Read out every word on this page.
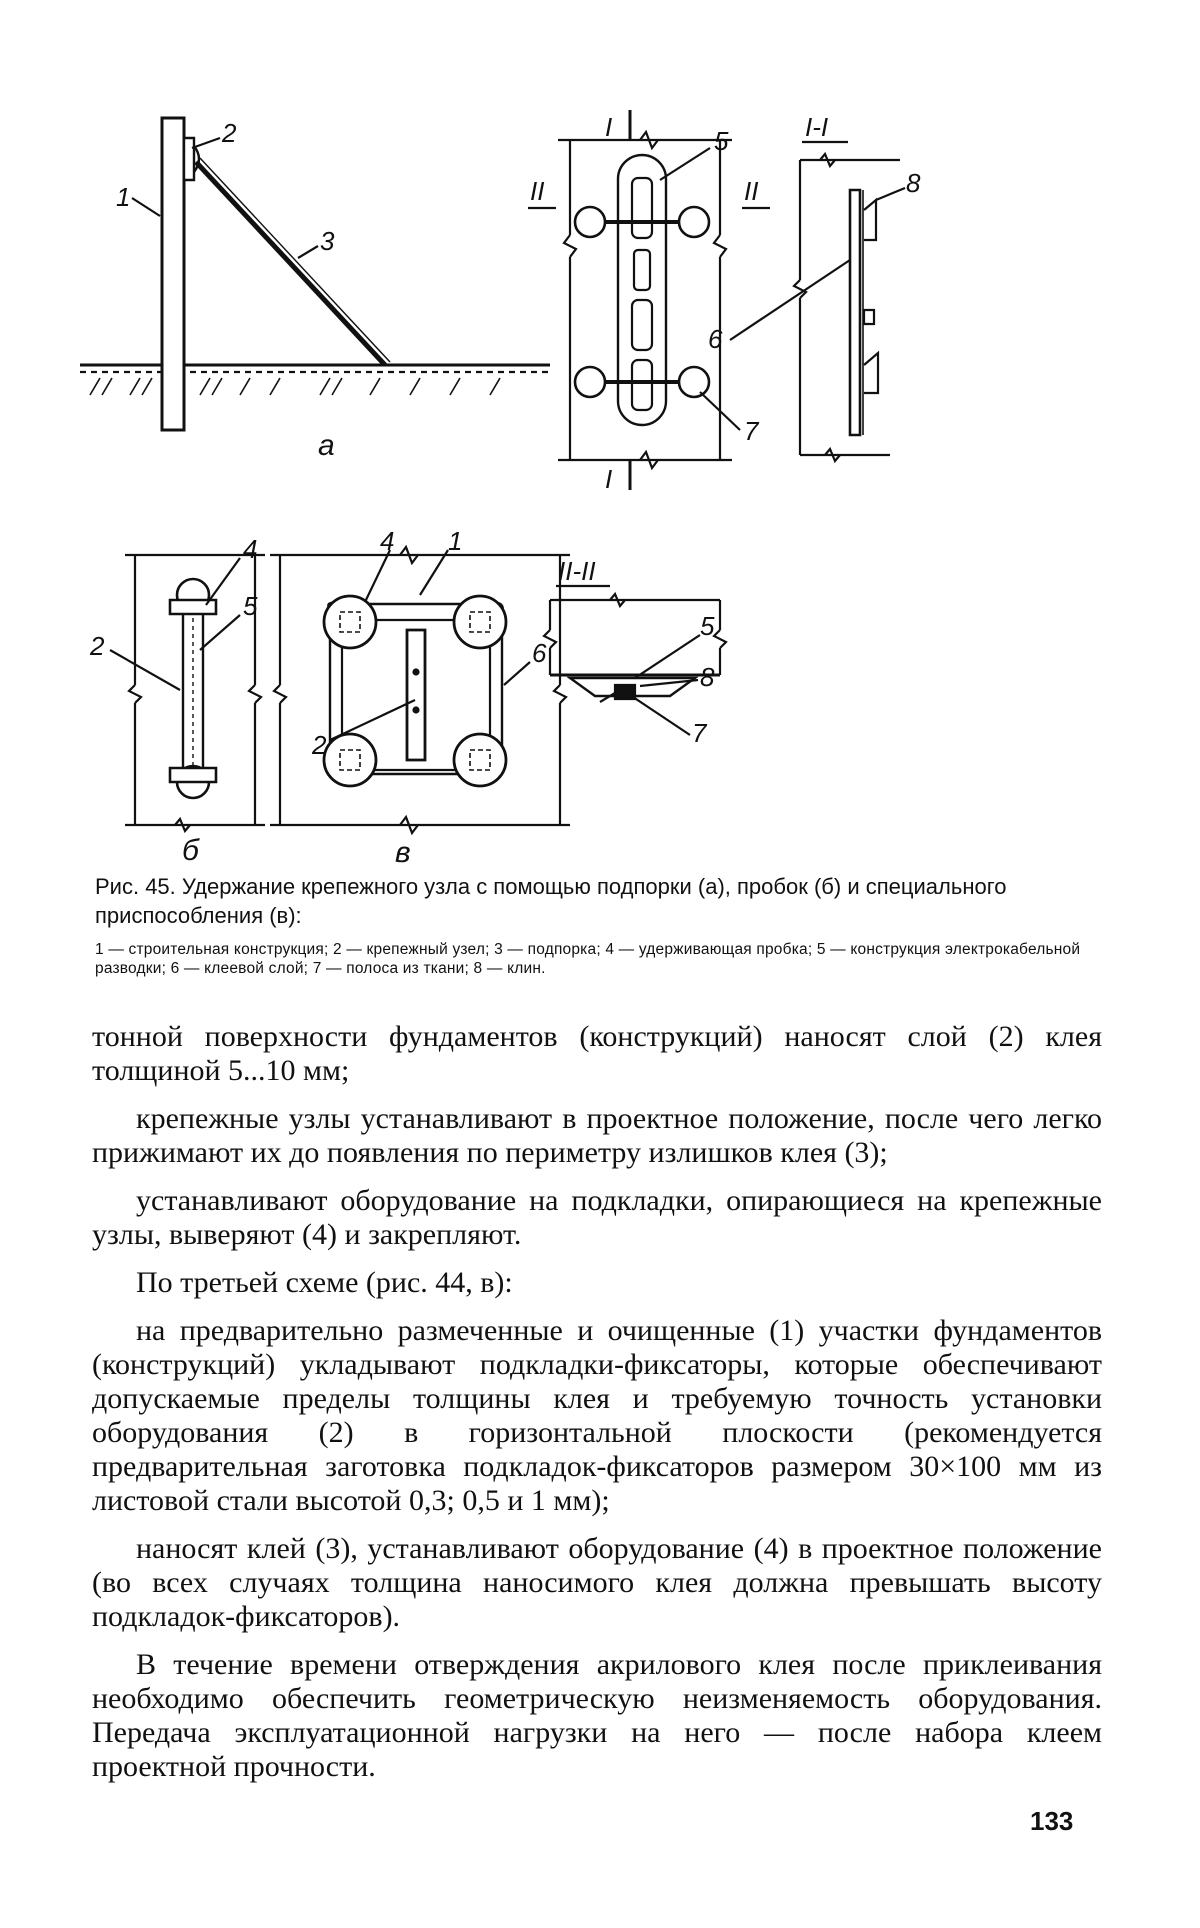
2
1
3
а
I
I
II	II
5
7
I-I
6
8
2
4
5
б
4 1
6
2
в
II-II
5
8
7

Рис. 45. Удержание крепежного узла с помощью подпорки (а), пробок (б) и специального приспособления (в):

1 — строительная конструкция; 2 — крепежный узел; 3 — подпорка; 4 — удерживающая пробка; 5 — конструкция электрокабельной разводки; 6 — клеевой слой; 7 — полоса из ткани; 8 — клин.

тонной поверхности фундаментов (конструкций) наносят слой (2) клея толщиной 5...10 мм;

крепежные узлы устанавливают в проектное положение, после чего легко прижимают их до появления по периметру излишков клея (3);

устанавливают оборудование на подкладки, опирающиеся на крепежные узлы, выверяют (4) и закрепляют.

По третьей схеме (рис. 44, в):

на предварительно размеченные и очищенные (1) участки фундаментов (конструкций) укладывают подкладки-фиксаторы, которые обеспечивают допускаемые пределы толщины клея и требуемую точность установки оборудования (2) в горизонтальной плоскости (рекомендуется предварительная заготовка подкладок-фиксаторов размером 30×100 мм из листовой стали высотой 0,3; 0,5 и 1 мм);

наносят клей (3), устанавливают оборудование (4) в проектное положение (во всех случаях толщина наносимого клея должна превышать высоту подкладок-фиксаторов).

В течение времени отверждения акрилового клея после приклеивания необходимо обеспечить геометрическую неизменяемость оборудования. Передача эксплуатационной нагрузки на него — после набора клеем проектной прочности.

133
